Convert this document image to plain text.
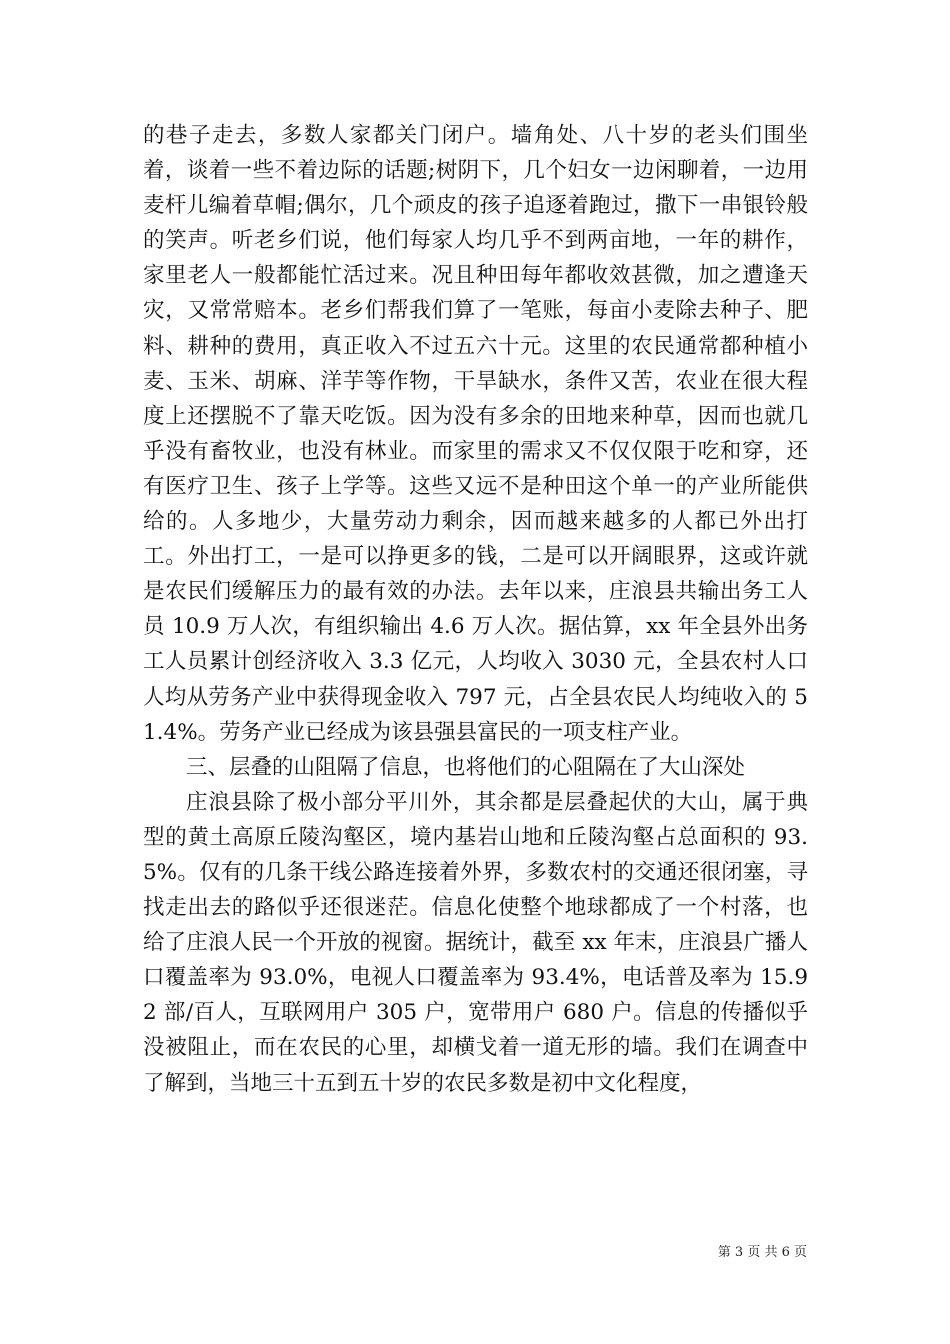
的巷子走去，多数人家都关门闭户。墙角处、八十岁的老头们围坐着，谈着一些不着边际的话题;树阴下，几个妇女一边闲聊着，一边用麦杆儿编着草帽;偶尔，几个顽皮的孩子追逐着跑过，撒下一串银铃般的笑声。听老乡们说，他们每家人均几乎不到两亩地，一年的耕作，家里老人一般都能忙活过来。况且种田每年都收效甚微，加之遭逢天灾，又常常赔本。老乡们帮我们算了一笔账，每亩小麦除去种子、肥料、耕种的费用，真正收入不过五六十元。这里的农民通常都种植小麦、玉米、胡麻、洋芋等作物，干旱缺水，条件又苦，农业在很大程度上还摆脱不了靠天吃饭。因为没有多余的田地来种草，因而也就几乎没有畜牧业，也没有林业。而家里的需求又不仅仅限于吃和穿，还有医疗卫生、孩子上学等。这些又远不是种田这个单一的产业所能供给的。人多地少，大量劳动力剩余，因而越来越多的人都已外出打工。外出打工，一是可以挣更多的钱，二是可以开阔眼界，这或许就是农民们缓解压力的最有效的办法。去年以来，庄浪县共输出务工人员 10.9 万人次，有组织输出 4.6 万人次。据估算，xx 年全县外出务工人员累计创经济收入 3.3 亿元，人均收入 3030 元，全县农村人口人均从劳务产业中获得现金收入 797 元，占全县农民人均纯收入的 51.4%。劳务产业已经成为该县强县富民的一项支柱产业。

三、层叠的山阻隔了信息，也将他们的心阻隔在了大山深处

庄浪县除了极小部分平川外，其余都是层叠起伏的大山，属于典型的黄土高原丘陵沟壑区，境内基岩山地和丘陵沟壑占总面积的 93.5%。仅有的几条干线公路连接着外界，多数农村的交通还很闭塞，寻找走出去的路似乎还很迷茫。信息化使整个地球都成了一个村落，也给了庄浪人民一个开放的视窗。据统计，截至 xx 年末，庄浪县广播人口覆盖率为 93.0%，电视人口覆盖率为 93.4%，电话普及率为 15.92 部/百人，互联网用户 305 户，宽带用户 680 户。信息的传播似乎没被阻止，而在农民的心里，却横戈着一道无形的墙。我们在调查中了解到，当地三十五到五十岁的农民多数是初中文化程度，

第 3 页 共 6 页
